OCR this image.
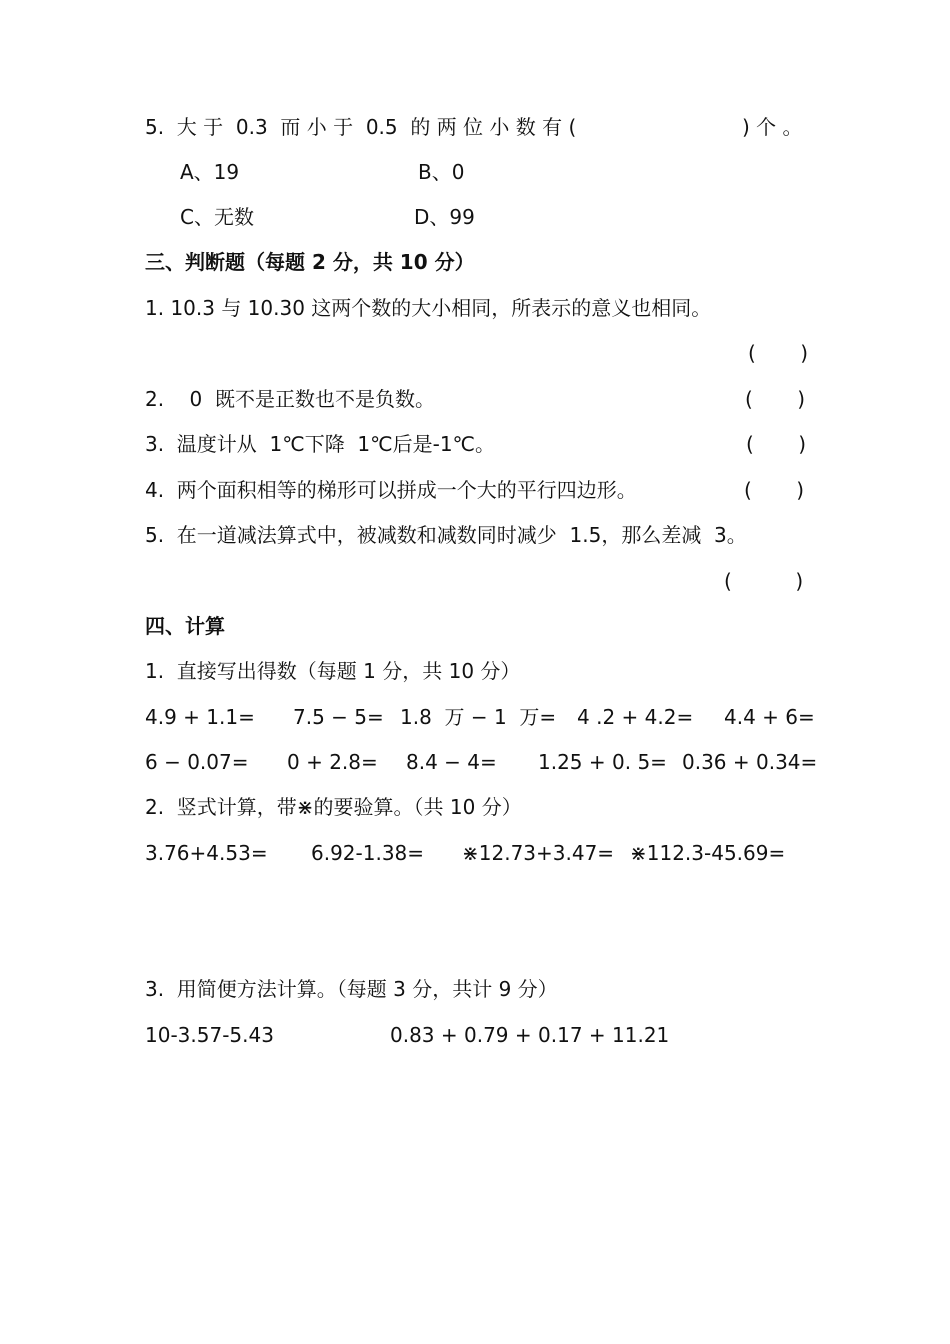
5.  大 于  0.3  而 小 于  0.5  的 两 位 小 数 有 (	) 个 。
A、19	B、0
C、无数	D、99
三、判断题（每题 2 分，共 10 分）
1. 10.3 与 10.30 这两个数的大小相同，所表示的意义也相同。
(       )
2.    0  既不是正数也不是负数。	(       )
3.  温度计从  1℃下降  1℃后是-1℃。	(       )
4.  两个面积相等的梯形可以拼成一个大的平行四边形。	(       )
5.  在一道减法算式中，被减数和减数同时减少  1.5，那么差减  3。
(          )
四、计算
1.  直接写出得数（每题 1 分，共 10 分）
4.9 + 1.1= 7.5 − 5= 1.8  万 − 1  万= 4 .2 + 4.2= 4.4 + 6=
6 − 0.07= 0 + 2.8= 8.4 − 4= 1.25 + 0. 5= 0.36 + 0.34=
2.  竖式计算，带⋇的要验算。（共 10 分）
3.76+4.53= 6.92-1.38= ⋇12.73+3.47= ⋇112.3-45.69=
3.  用简便方法计算。（每题 3 分，共计 9 分）
10-3.57-5.43	0.83 + 0.79 + 0.17 + 11.21
